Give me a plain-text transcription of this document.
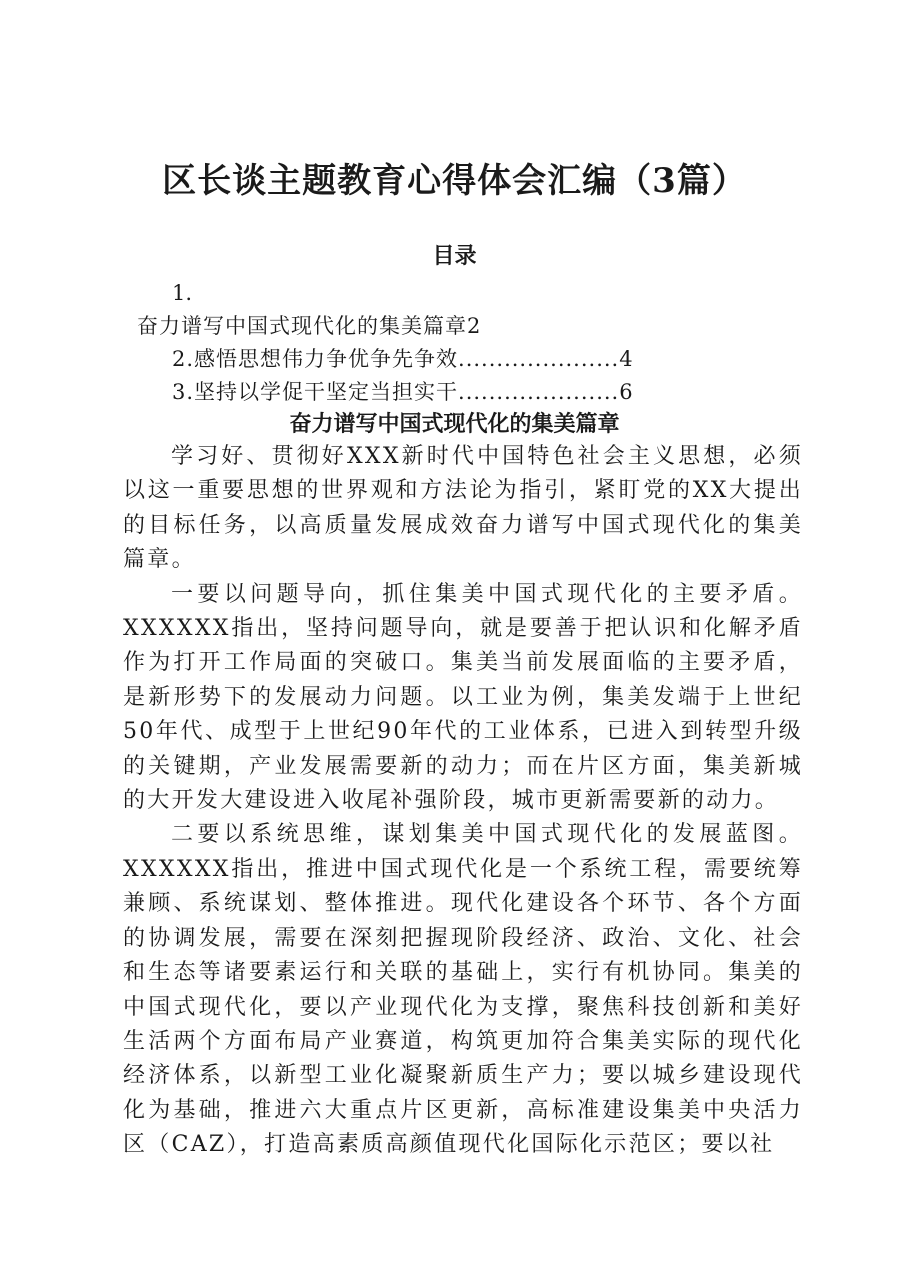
区长谈主题教育心得体会汇编（3篇）
目录
1.
奋力谱写中国式现代化的集美篇章2
2.感悟思想伟力争优争先争效.....................4
3.坚持以学促干坚定当担实干.....................6
奋力谱写中国式现代化的集美篇章

学习好、贯彻好XXX新时代中国特色社会主义思想，必须以这一重要思想的世界观和方法论为指引，紧盯党的XX大提出的目标任务，以高质量发展成效奋力谱写中国式现代化的集美篇章。

一要以问题导向，抓住集美中国式现代化的主要矛盾。XXXXXX指出，坚持问题导向，就是要善于把认识和化解矛盾作为打开工作局面的突破口。集美当前发展面临的主要矛盾，是新形势下的发展动力问题。以工业为例，集美发端于上世纪50年代、成型于上世纪90年代的工业体系，已进入到转型升级的关键期，产业发展需要新的动力；而在片区方面，集美新城的大开发大建设进入收尾补强阶段，城市更新需要新的动力。

二要以系统思维，谋划集美中国式现代化的发展蓝图。XXXXXX指出，推进中国式现代化是一个系统工程，需要统筹兼顾、系统谋划、整体推进。现代化建设各个环节、各个方面的协调发展，需要在深刻把握现阶段经济、政治、文化、社会和生态等诸要素运行和关联的基础上，实行有机协同。集美的中国式现代化，要以产业现代化为支撑，聚焦科技创新和美好生活两个方面布局产业赛道，构筑更加符合集美实际的现代化经济体系，以新型工业化凝聚新质生产力；要以城乡建设现代化为基础，推进六大重点片区更新，高标准建设集美中央活力区（CAZ），打造高素质高颜值现代化国际化示范区；要以社
